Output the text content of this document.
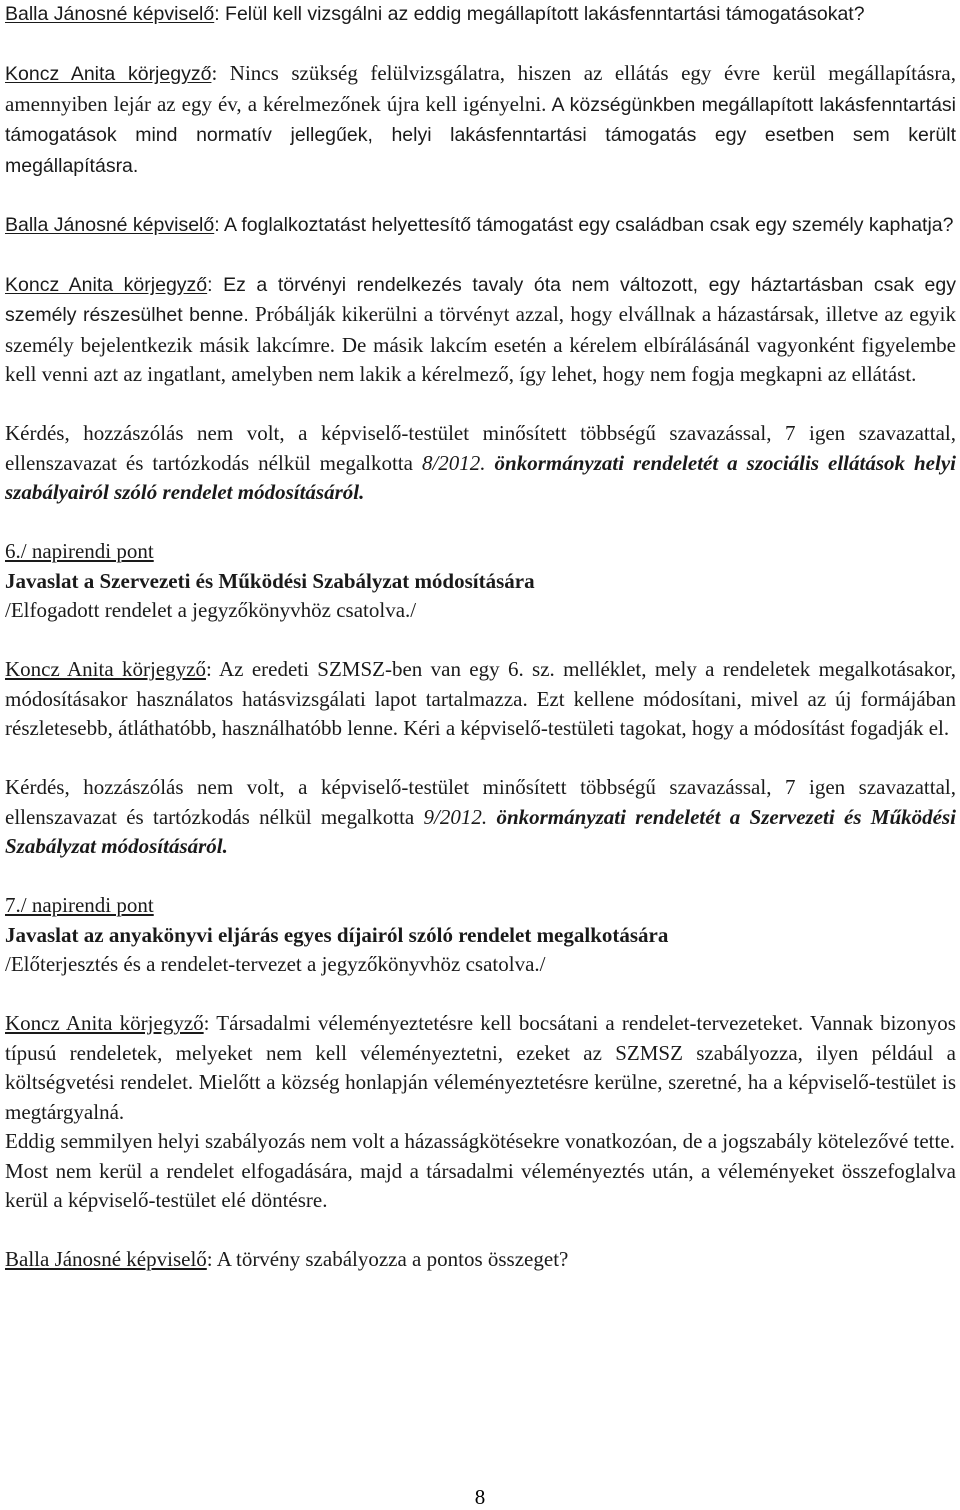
Balla Jánosné képviselő: Felül kell vizsgálni az eddig megállapított lakásfenntartási támogatásokat?

Koncz Anita körjegyző: Nincs szükség felülvizsgálatra, hiszen az ellátás egy évre kerül megállapításra, amennyiben lejár az egy év, a kérelmezőnek újra kell igényelni. A községünkben megállapított lakásfenntartási támogatások mind normatív jellegűek, helyi lakásfenntartási támogatás egy esetben sem került megállapításra.

Balla Jánosné képviselő: A foglalkoztatást helyettesítő támogatást egy családban csak egy személy kaphatja?

Koncz Anita körjegyző: Ez a törvényi rendelkezés tavaly óta nem változott, egy háztartásban csak egy személy részesülhet benne. Próbálják kikerülni a törvényt azzal, hogy elvállnak a házastársak, illetve az egyik személy bejelentkezik másik lakcímre. De másik lakcím esetén a kérelem elbírálásánál vagyonként figyelembe kell venni azt az ingatlant, amelyben nem lakik a kérelmező, így lehet, hogy nem fogja megkapni az ellátást.

Kérdés, hozzászólás nem volt, a képviselő-testület minősített többségű szavazással, 7 igen szavazattal, ellenszavazat és tartózkodás nélkül megalkotta 8/2012. önkormányzati rendeletét a szociális ellátások helyi szabályairól szóló rendelet módosításáról.

6./ napirendi pont

Javaslat a Szervezeti és Működési Szabályzat módosítására

/Elfogadott rendelet a jegyzőkönyvhöz csatolva./

Koncz Anita körjegyző: Az eredeti SZMSZ-ben van egy 6. sz. melléklet, mely a rendeletek megalkotásakor, módosításakor használatos hatásvizsgálati lapot tartalmazza. Ezt kellene módosítani, mivel az új formájában részletesebb, átláthatóbb, használhatóbb lenne. Kéri a képviselő-testületi tagokat, hogy a módosítást fogadják el.

Kérdés, hozzászólás nem volt, a képviselő-testület minősített többségű szavazással, 7 igen szavazattal, ellenszavazat és tartózkodás nélkül megalkotta 9/2012. önkormányzati rendeletét a Szervezeti és Működési Szabályzat módosításáról.

7./ napirendi pont

Javaslat az anyakönyvi eljárás egyes díjairól szóló rendelet megalkotására

/Előterjesztés és a rendelet-tervezet a jegyzőkönyvhöz csatolva./

Koncz Anita körjegyző: Társadalmi véleményeztetésre kell bocsátani a rendelet-tervezeteket. Vannak bizonyos típusú rendeletek, melyeket nem kell véleményeztetni, ezeket az SZMSZ szabályozza, ilyen például a költségvetési rendelet. Mielőtt a község honlapján véleményeztetésre kerülne, szeretné, ha a képviselő-testület is megtárgyalná.

Eddig semmilyen helyi szabályozás nem volt a házasságkötésekre vonatkozóan, de a jogszabály kötelezővé tette.

Most nem kerül a rendelet elfogadására, majd a társadalmi véleményeztés után, a véleményeket összefoglalva kerül a képviselő-testület elé döntésre.

Balla Jánosné képviselő: A törvény szabályozza a pontos összeget?

8
